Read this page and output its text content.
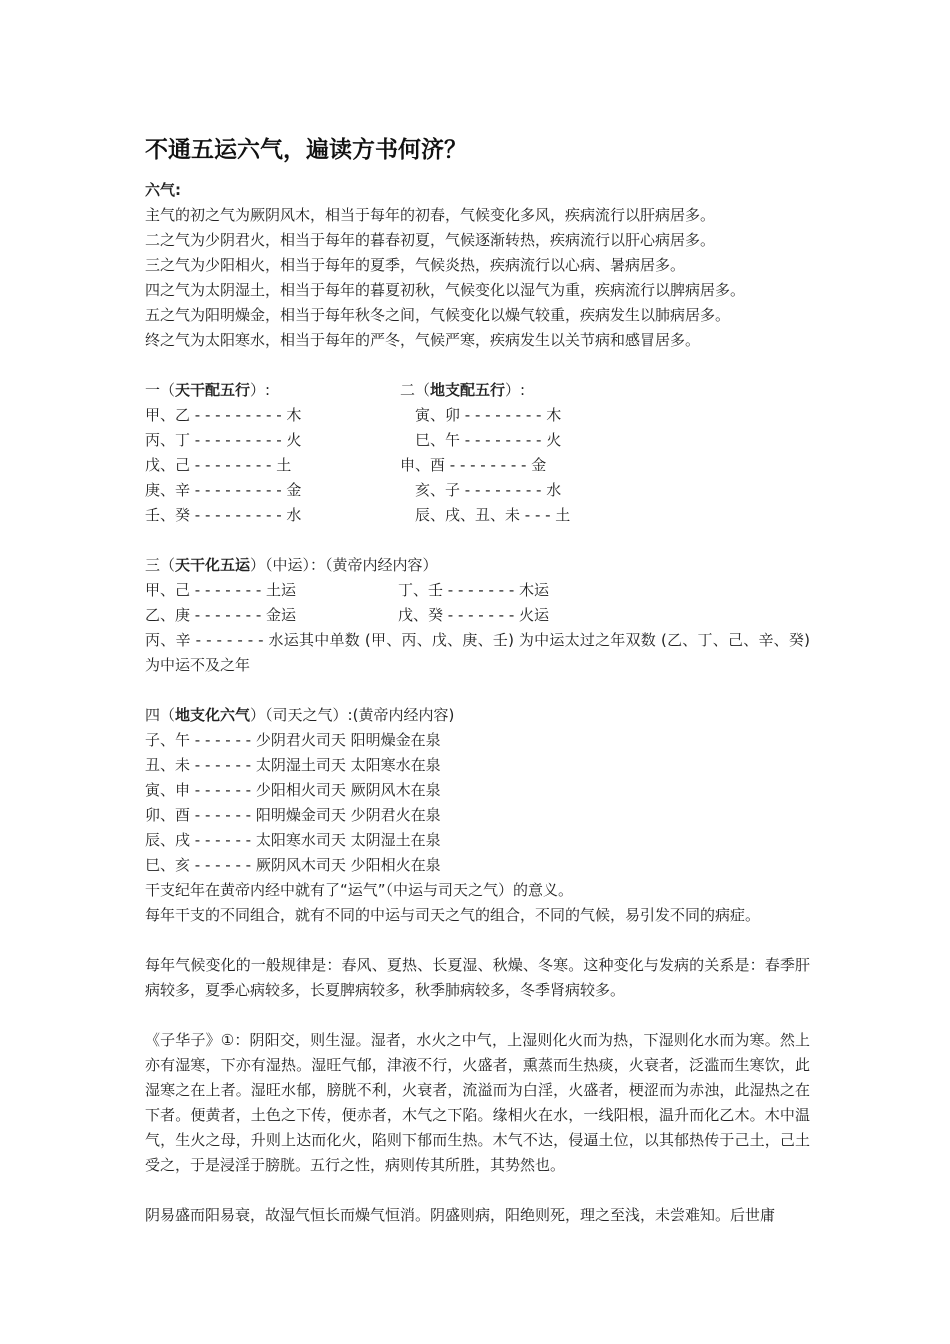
不通五运六气，遍读方书何济？

六气:

主气的初之气为厥阴风木，相当于每年的初春，气候变化多风，疾病流行以肝病居多。

二之气为少阴君火，相当于每年的暮春初夏，气候逐渐转热，疾病流行以肝心病居多。

三之气为少阳相火，相当于每年的夏季，气候炎热，疾病流行以心病、暑病居多。

四之气为太阴湿土，相当于每年的暮夏初秋，气候变化以湿气为重，疾病流行以脾病居多。

五之气为阳明燥金，相当于每年秋冬之间，气候变化以燥气较重，疾病发生以肺病居多。

终之气为太阳寒水，相当于每年的严冬，气候严寒，疾病发生以关节病和感冒居多。

一（天干配五行）:	二（地支配五行）:
甲、乙 - - - - - - - - - 木	　寅、卯 - - - - - - - - 木
丙、丁 - - - - - - - - - 火	　巳、午 - - - - - - - - 火
戊、己 - - - - - - - - 土	申、酉 - - - - - - - - 金
庚、辛 - - - - - - - - - 金	　亥、子 - - - - - - - - 水
壬、癸 - - - - - - - - - 水	　辰、戌、丑、未 - - - 土

三（天干化五运）（中运）：（黄帝内经内容）

甲、己 - - - - - - - 土运	丁、壬 - - - - - - - 木运
乙、庚 - - - - - - - 金运	戊、癸 - - - - - - - 火运

丙、辛 - - - - - - - 水运其中单数 (甲、丙、戊、庚、壬) 为中运太过之年双数 (乙、丁、己、辛、癸) 为中运不及之年

四（地支化六气）（司天之气）:(黄帝内经内容)

子、午 - - - - - - 少阴君火司天 阳明燥金在泉

丑、未 - - - - - - 太阴湿土司天 太阳寒水在泉

寅、申 - - - - - - 少阳相火司天 厥阴风木在泉

卯、酉 - - - - - - 阳明燥金司天 少阴君火在泉

辰、戌 - - - - - - 太阳寒水司天 太阴湿土在泉

巳、亥 - - - - - - 厥阴风木司天 少阳相火在泉

干支纪年在黄帝内经中就有了“运气”（中运与司天之气）的意义。

每年干支的不同组合，就有不同的中运与司天之气的组合，不同的气候，易引发不同的病症。

每年气候变化的一般规律是：春风、夏热、长夏湿、秋燥、冬寒。这种变化与发病的关系是：春季肝病较多，夏季心病较多，长夏脾病较多，秋季肺病较多，冬季肾病较多。

《子华子》①：阴阳交，则生湿。湿者，水火之中气，上湿则化火而为热，下湿则化水而为寒。然上亦有湿寒，下亦有湿热。湿旺气郁，津液不行，火盛者，熏蒸而生热痰，火衰者，泛滥而生寒饮，此湿寒之在上者。湿旺水郁，膀胱不利，火衰者，流溢而为白淫，火盛者，梗涩而为赤浊，此湿热之在下者。便黄者，土色之下传，便赤者，木气之下陷。缘相火在水，一线阳根，温升而化乙木。木中温气，生火之母，升则上达而化火，陷则下郁而生热。木气不达，侵逼土位，以其郁热传于己土，己土受之，于是浸淫于膀胱。五行之性，病则传其所胜，其势然也。

阴易盛而阳易衰，故湿气恒长而燥气恒消。阴盛则病，阳绝则死，理之至浅，未尝难知。后世庸
